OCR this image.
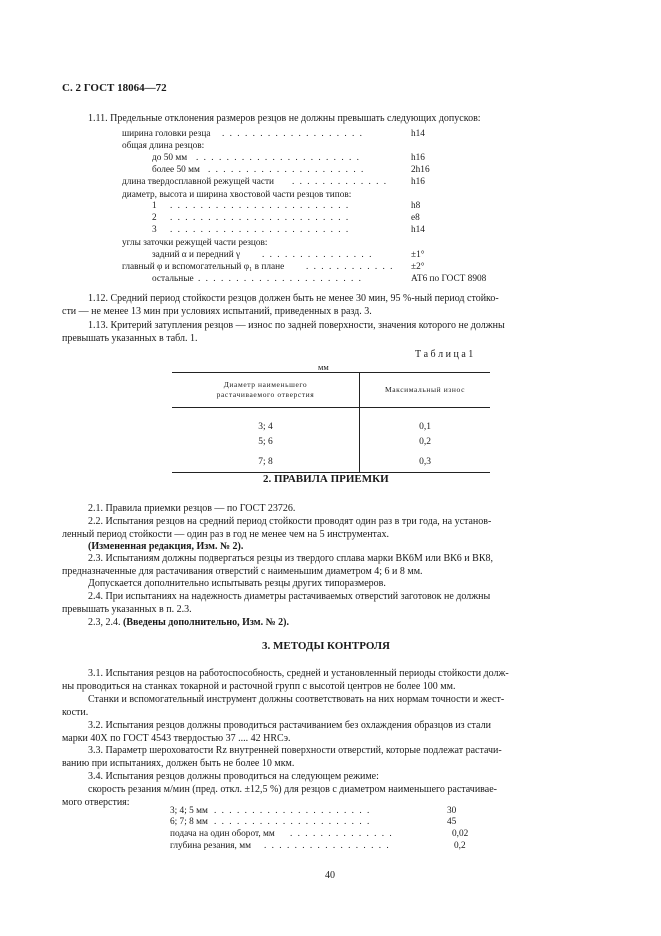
С. 2 ГОСТ 18064—72
1.11. Предельные отклонения размеров резцов не должны превышать следующих допусков:
ширина головки резца . . . . . . . . . . . . . . . . . . .	h14
общая длина резцов:
до 50 мм . . . . . . . . . . . . . . . . . . . . . .	h16
более 50 мм . . . . . . . . . . . . . . . . . . . . .	2h16
длина твердосплавной режущей части . . . . . . . . . . . . .	h16
диаметр, высота и ширина хвостовой части резцов типов:
1 . . . . . . . . . . . . . . . . . . . . . . . .	h8
2 . . . . . . . . . . . . . . . . . . . . . . . .	e8
3 . . . . . . . . . . . . . . . . . . . . . . . .	h14
углы заточки режущей части резцов:
задний α и передний γ . . . . . . . . . . . . . . .	±1°
главный φ и вспомогательный φ₁ в плане . . . . . . . . . . . . ±2°
остальные . . . . . . . . . . . . . . . . . . . . . .	АТ6 по ГОСТ 8908
1.12. Средний период стойкости резцов должен быть не менее 30 мин, 95 %-ный период стойко-
сти — не менее 13 мин при условиях испытаний, приведенных в разд. 3.
1.13. Критерий затупления резцов — износ по задней поверхности, значения которого не должны
превышать указанных в табл. 1.
Т а б л и ц а 1
мм
Диаметр наименьшего
растачиваемого отверстия	Максимальный износ
3; 4	0,1
5; 6	0,2
7; 8	0,3
2. ПРАВИЛА ПРИЕМКИ
2.1. Правила приемки резцов — по ГОСТ 23726.
2.2. Испытания резцов на средний период стойкости проводят один раз в три года, на установ-
ленный период стойкости — один раз в год не менее чем на 5 инструментах.
(Измененная редакция, Изм. № 2).
2.3. Испытаниям должны подвергаться резцы из твердого сплава марки ВК6М или ВК6 и ВК8,
предназначенные для растачивания отверстий с наименьшим диаметром 4; 6 и 8 мм.
Допускается дополнительно испытывать резцы других типоразмеров.
2.4. При испытаниях на надежность диаметры растачиваемых отверстий заготовок не должны
превышать указанных в п. 2.3.
2.3, 2.4. (Введены дополнительно, Изм. № 2).
3. МЕТОДЫ КОНТРОЛЯ
3.1. Испытания резцов на работоспособность, средней и установленный периоды стойкости долж-
ны проводиться на станках токарной и расточной групп с высотой центров не более 100 мм.
Станки и вспомогательный инструмент должны соответствовать на них нормам точности и жест-
кости.
3.2. Испытания резцов должны проводиться растачиванием без охлаждения образцов из стали
марки 40Х по ГОСТ 4543 твердостью 37 .... 42 HRCэ.
3.3. Параметр шероховатости Rz внутренней поверхности отверстий, которые подлежат растачи-
ванию при испытаниях, должен быть не более 10 мкм.
3.4. Испытания резцов должны проводиться на следующем режиме:
скорость резания м/мин (пред. откл. ±12,5 %) для резцов с диаметром наименьшего растачивае-
мого отверстия:
3; 4; 5 мм . . . . . . . . . . . . . . . . . . . . .	30
6; 7; 8 мм . . . . . . . . . . . . . . . . . . . . .	45
подача на один оборот, мм . . . . . . . . . . . . . .	0,02
глубина резания, мм . . . . . . . . . . . . . . . . .	0,2
40
